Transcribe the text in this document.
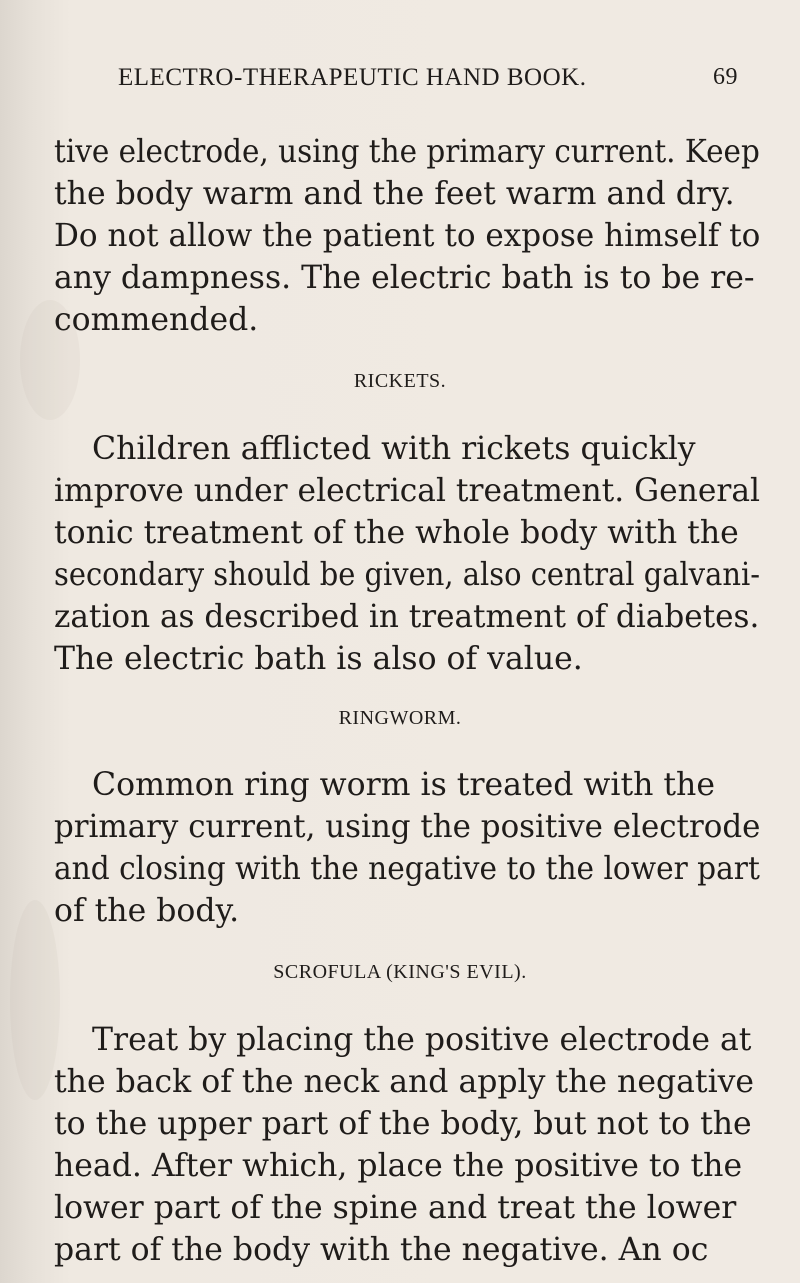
ELECTRO-THERAPEUTIC HAND BOOK.	69
tive electrode, using the primary current. Keep
the body warm and the feet warm and dry.
Do not allow the patient to expose himself to
any dampness. The electric bath is to be re-
commended.
RICKETS.
Children afflicted with rickets quickly
improve under electrical treatment. General
tonic treatment of the whole body with the
secondary should be given, also central galvani-
zation as described in treatment of diabetes.
The electric bath is also of value.
RINGWORM.
Common ring worm is treated with the
primary current, using the positive electrode
and closing with the negative to the lower part
of the body.
SCROFULA (KING'S EVIL).
Treat by placing the positive electrode at
the back of the neck and apply the negative
to the upper part of the body, but not to the
head. After which, place the positive to the
lower part of the spine and treat the lower
part of the body with the negative. An oc
